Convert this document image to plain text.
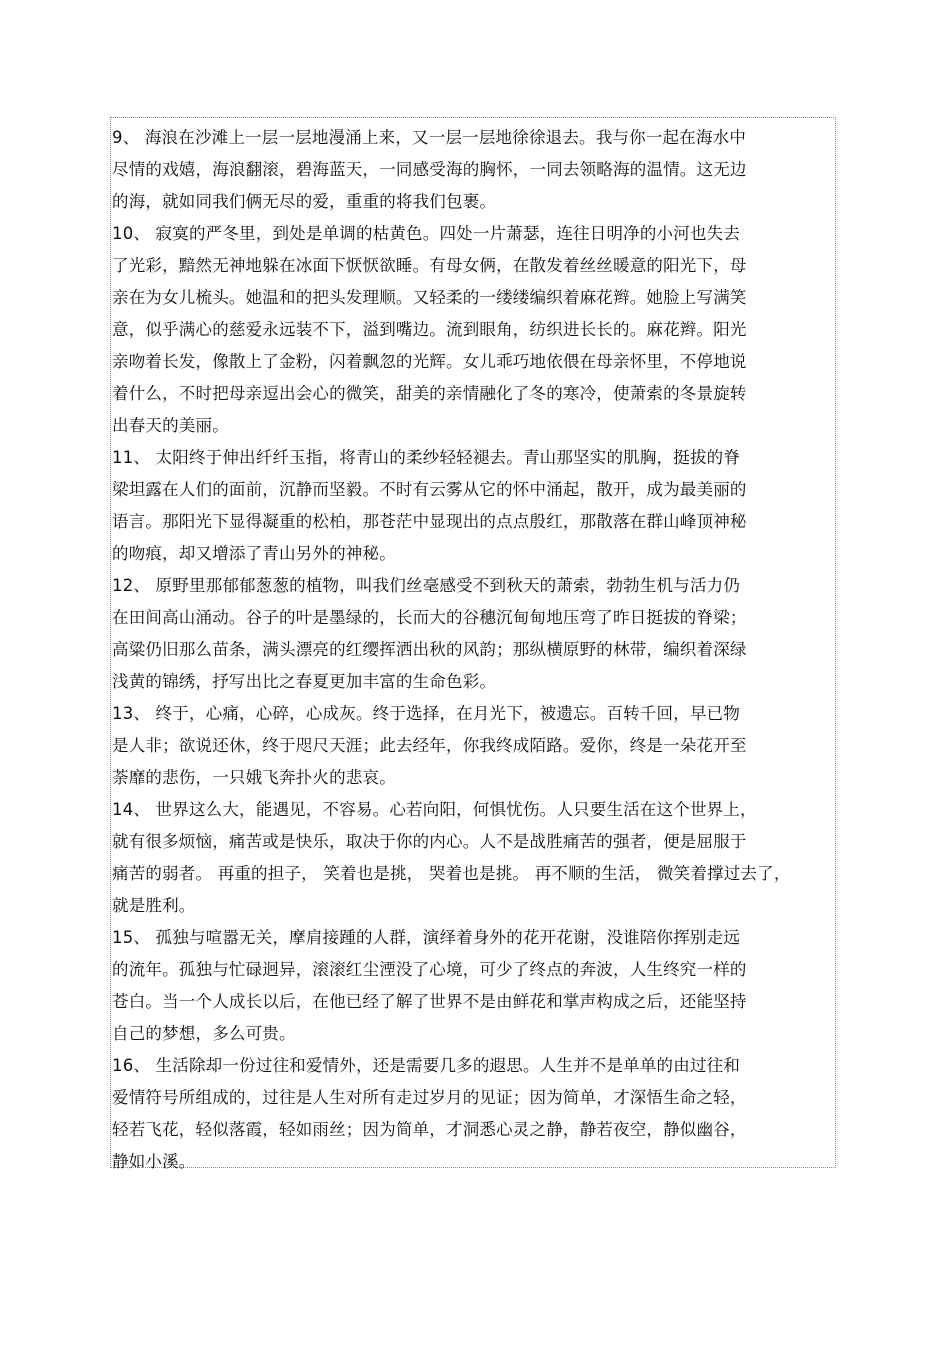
9、 海浪在沙滩上一层一层地漫涌上来，又一层一层地徐徐退去。我与你一起在海水中
尽情的戏嬉，海浪翻滚，碧海蓝天，一同感受海的胸怀，一同去领略海的温情。这无边
的海，就如同我们俩无尽的爱，重重的将我们包裹。
10、 寂寞的严冬里，到处是单调的枯黄色。四处一片萧瑟，连往日明净的小河也失去
了光彩，黯然无神地躲在冰面下恹恹欲睡。有母女俩，在散发着丝丝暖意的阳光下，母
亲在为女儿梳头。她温和的把头发理顺。又轻柔的一缕缕编织着麻花辫。她脸上写满笑
意，似乎满心的慈爱永远装不下，溢到嘴边。流到眼角，纺织进长长的。麻花辫。阳光
亲吻着长发，像散上了金粉，闪着飘忽的光辉。女儿乖巧地依偎在母亲怀里，不停地说
着什么，不时把母亲逗出会心的微笑，甜美的亲情融化了冬的寒冷，使萧索的冬景旋转
出春天的美丽。
11、 太阳终于伸出纤纤玉指，将青山的柔纱轻轻褪去。青山那坚实的肌胸，挺拔的脊
梁坦露在人们的面前，沉静而坚毅。不时有云雾从它的怀中涌起，散开，成为最美丽的
语言。那阳光下显得凝重的松柏，那苍茫中显现出的点点殷红，那散落在群山峰顶神秘
的吻痕，却又增添了青山另外的神秘。
12、 原野里那郁郁葱葱的植物，叫我们丝毫感受不到秋天的萧索，勃勃生机与活力仍
在田间高山涌动。谷子的叶是墨绿的，长而大的谷穗沉甸甸地压弯了昨日挺拔的脊梁；
高粱仍旧那么苗条，满头漂亮的红缨挥洒出秋的风韵；那纵横原野的林带，编织着深绿
浅黄的锦绣，抒写出比之春夏更加丰富的生命色彩。
13、 终于，心痛，心碎，心成灰。终于选择，在月光下，被遗忘。百转千回，早已物
是人非；欲说还休，终于咫尺天涯；此去经年，你我终成陌路。爱你，终是一朵花开至
荼靡的悲伤，一只娥飞奔扑火的悲哀。
14、 世界这么大，能遇见，不容易。心若向阳，何惧忧伤。人只要生活在这个世界上，
就有很多烦恼，痛苦或是快乐，取决于你的内心。人不是战胜痛苦的强者，便是屈服于
痛苦的弱者。 再重的担子， 笑着也是挑， 哭着也是挑。 再不顺的生活， 微笑着撑过去了，
就是胜利。
15、 孤独与喧嚣无关，摩肩接踵的人群，演绎着身外的花开花谢，没谁陪你挥别走远
的流年。孤独与忙碌迥异，滚滚红尘湮没了心境，可少了终点的奔波，人生终究一样的
苍白。当一个人成长以后，在他已经了解了世界不是由鲜花和掌声构成之后，还能坚持
自己的梦想，多么可贵。
16、 生活除却一份过往和爱情外，还是需要几多的遐思。人生并不是单单的由过往和
爱情符号所组成的，过往是人生对所有走过岁月的见证；因为简单，才深悟生命之轻，
轻若飞花，轻似落霞，轻如雨丝；因为简单，才洞悉心灵之静，静若夜空，静似幽谷，
静如小溪。
